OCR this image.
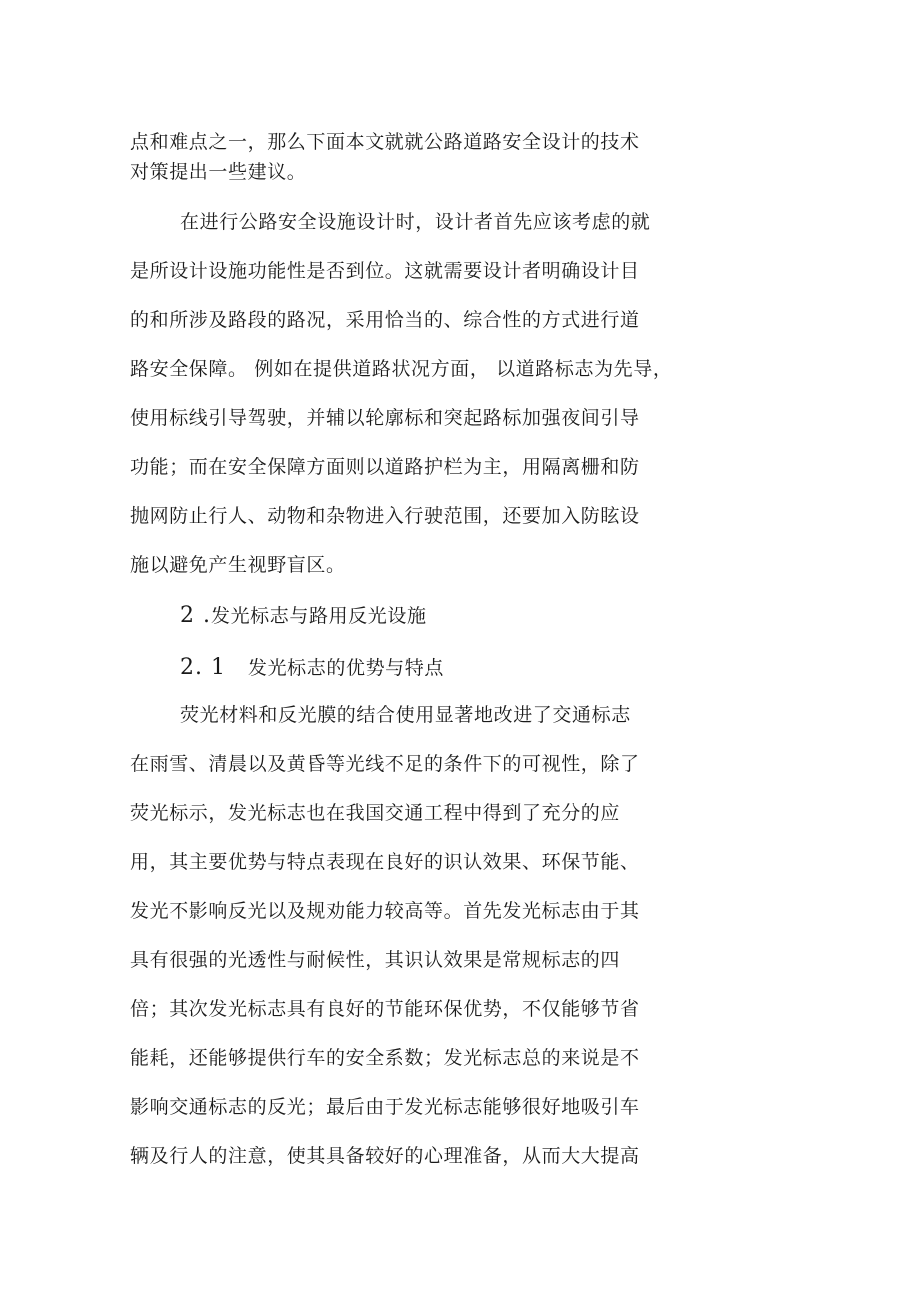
点和难点之一，那么下面本文就就公路道路安全设计的技术
对策提出一些建议。
在进行公路安全设施设计时，设计者首先应该考虑的就
是所设计设施功能性是否到位。这就需要设计者明确设计目
的和所涉及路段的路况，采用恰当的、综合性的方式进行道
路安全保障。 例如在提供道路状况方面， 以道路标志为先导，
使用标线引导驾驶，并辅以轮廓标和突起路标加强夜间引导
功能；而在安全保障方面则以道路护栏为主，用隔离栅和防
抛网防止行人、动物和杂物进入行驶范围，还要加入防眩设
施以避免产生视野盲区。
2 .发光标志与路用反光设施
2. 1 发光标志的优势与特点
荧光材料和反光膜的结合使用显著地改进了交通标志
在雨雪、清晨以及黄昏等光线不足的条件下的可视性，除了
荧光标示，发光标志也在我国交通工程中得到了充分的应
用，其主要优势与特点表现在良好的识认效果、环保节能、
发光不影响反光以及规劝能力较高等。首先发光标志由于其
具有很强的光透性与耐候性，其识认效果是常规标志的四
倍；其次发光标志具有良好的节能环保优势，不仅能够节省
能耗，还能够提供行车的安全系数；发光标志总的来说是不
影响交通标志的反光；最后由于发光标志能够很好地吸引车
辆及行人的注意，使其具备较好的心理准备，从而大大提高
